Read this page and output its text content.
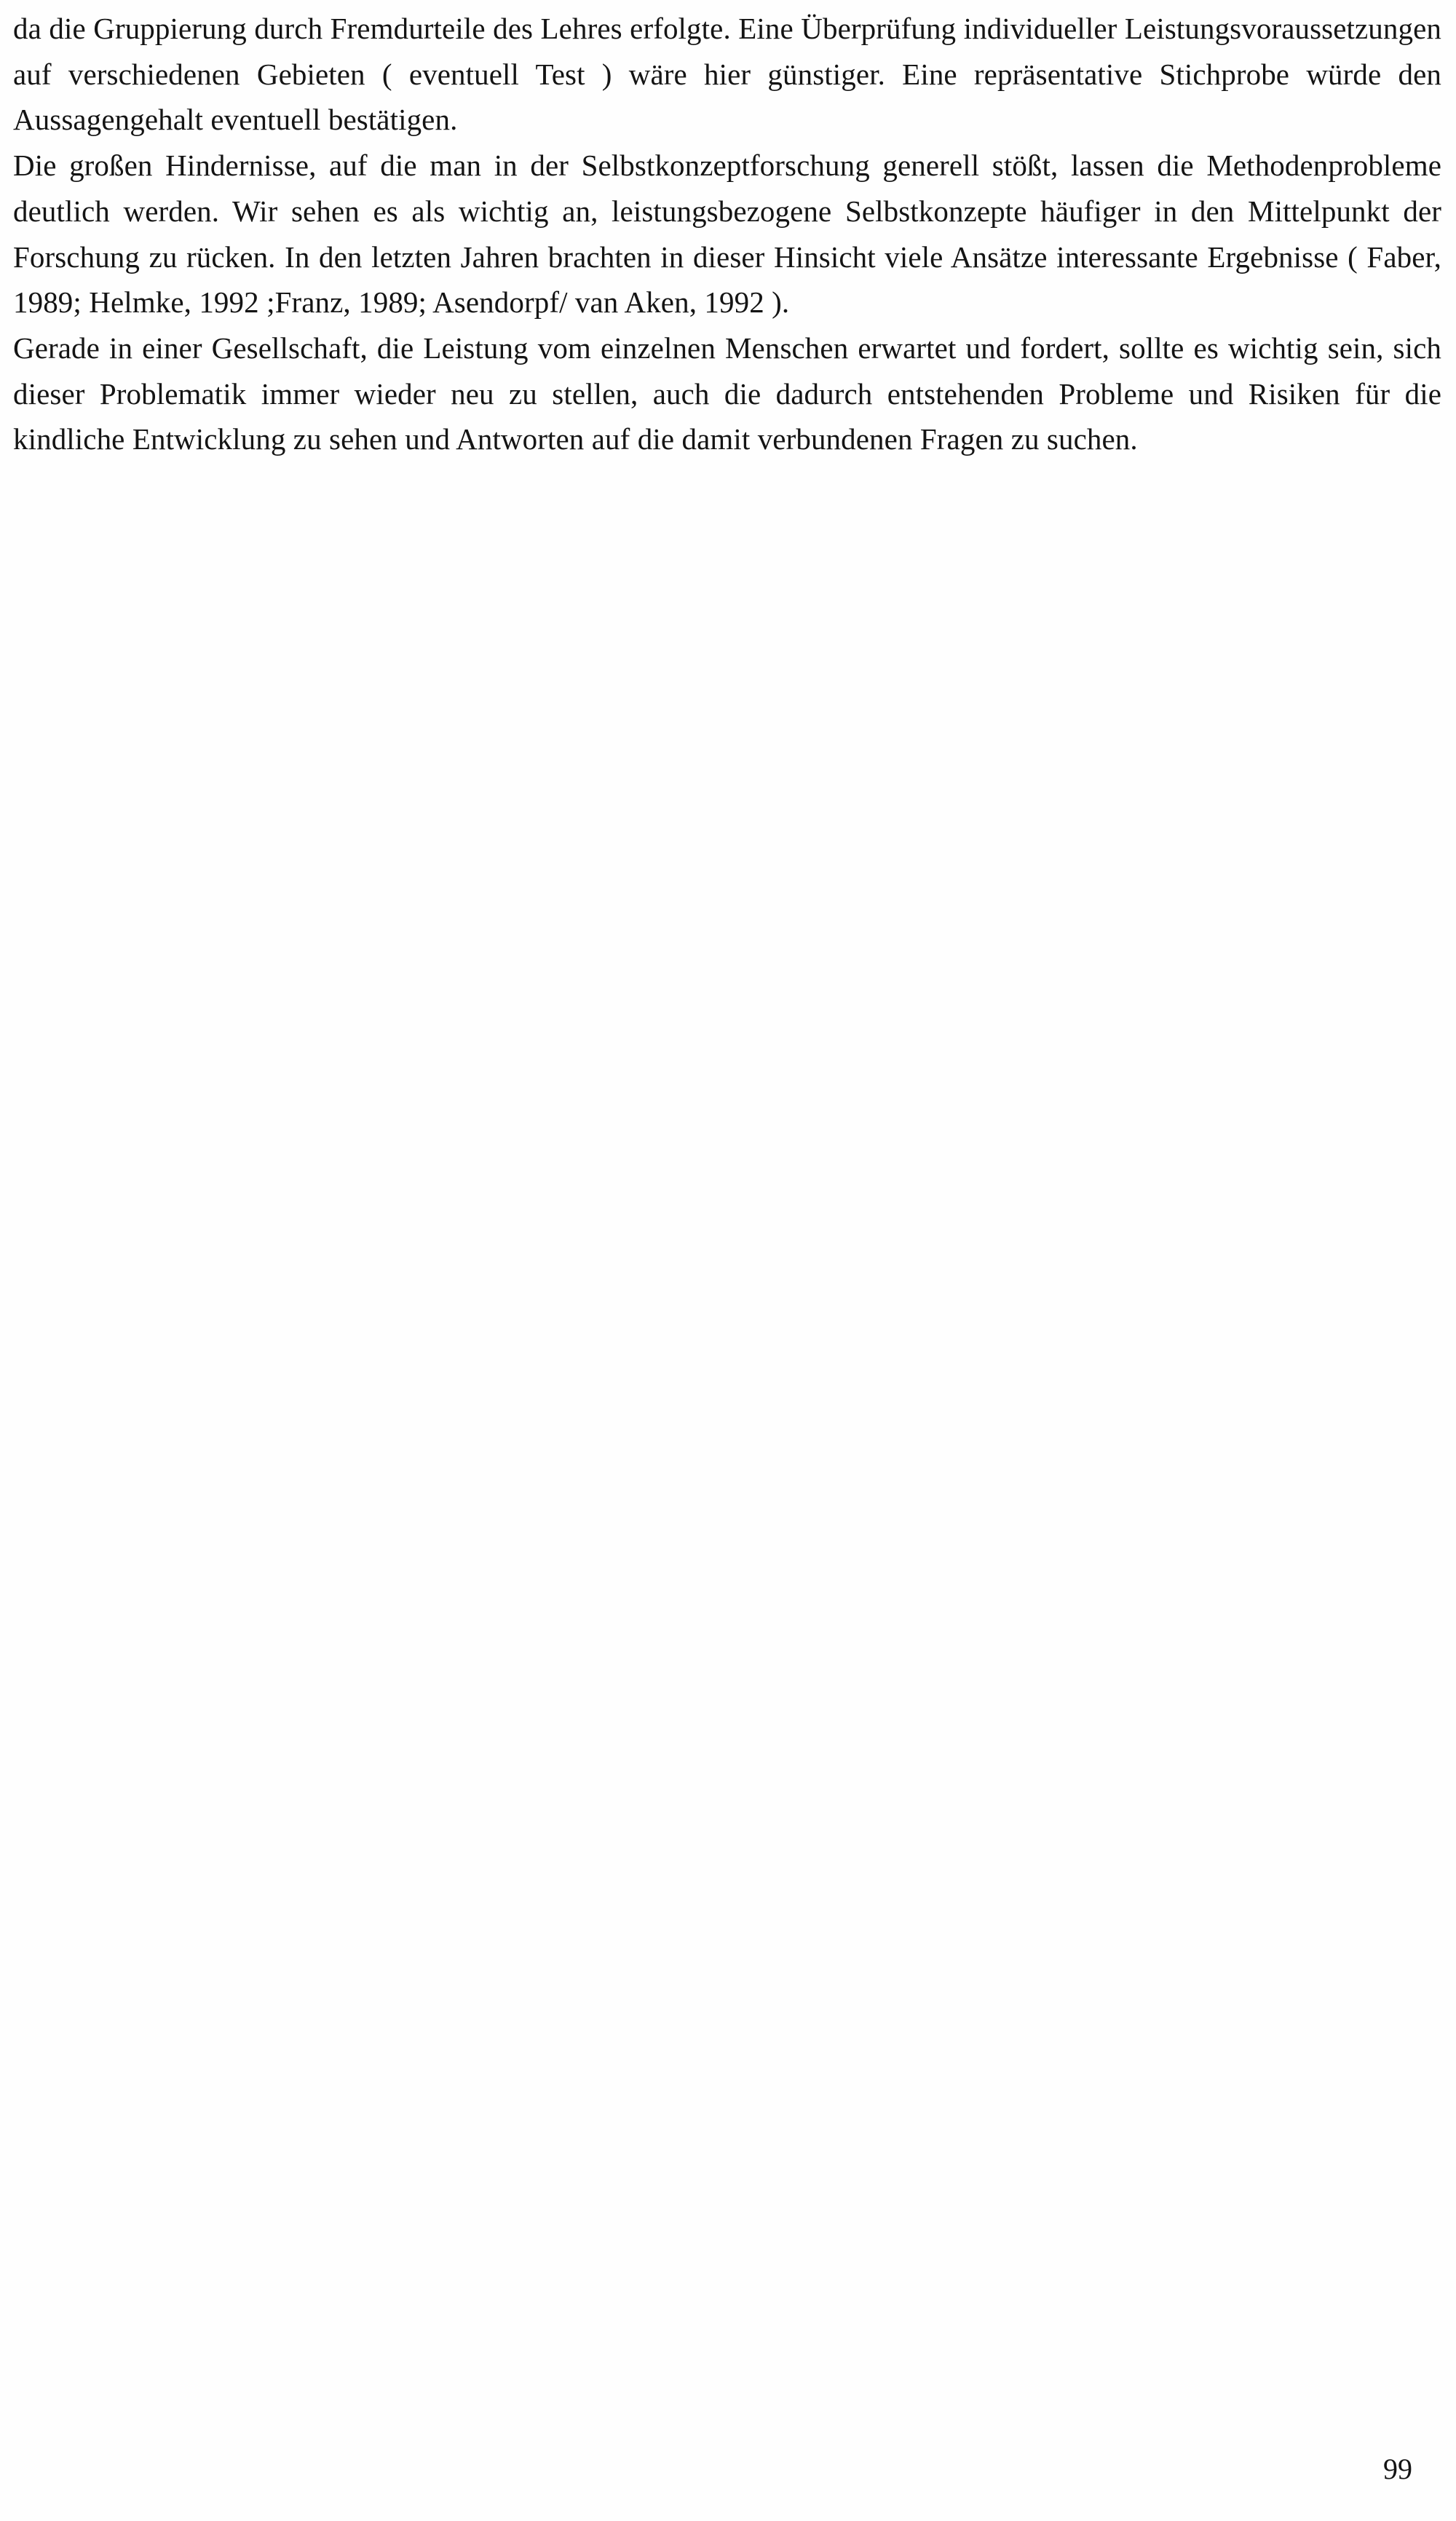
da die Gruppierung durch Fremdurteile des Lehres erfolgte. Eine Überprüfung individueller Leistungsvoraussetzungen auf verschiedenen Gebieten ( eventuell Test ) wäre hier günstiger. Eine repräsentative Stichprobe würde den Aussagengehalt eventuell bestätigen.

Die großen Hindernisse, auf die man in der Selbstkonzeptforschung generell stößt, lassen die Methodenprobleme deutlich werden. Wir sehen es als wichtig an, leistungsbezogene Selbstkonzepte häufiger in den Mittelpunkt der Forschung zu rücken. In den letzten Jahren brachten in dieser Hinsicht viele Ansätze interessante Ergebnisse ( Faber, 1989; Helmke, 1992 ;Franz, 1989; Asendorpf/ van Aken, 1992 ).

Gerade in einer Gesellschaft, die Leistung vom einzelnen Menschen erwartet und fordert, sollte es wichtig sein, sich dieser Problematik immer wieder neu zu stellen, auch die dadurch entstehenden Probleme und Risiken für die kindliche Entwicklung zu sehen und Antworten auf die damit verbundenen Fragen zu suchen.

99
